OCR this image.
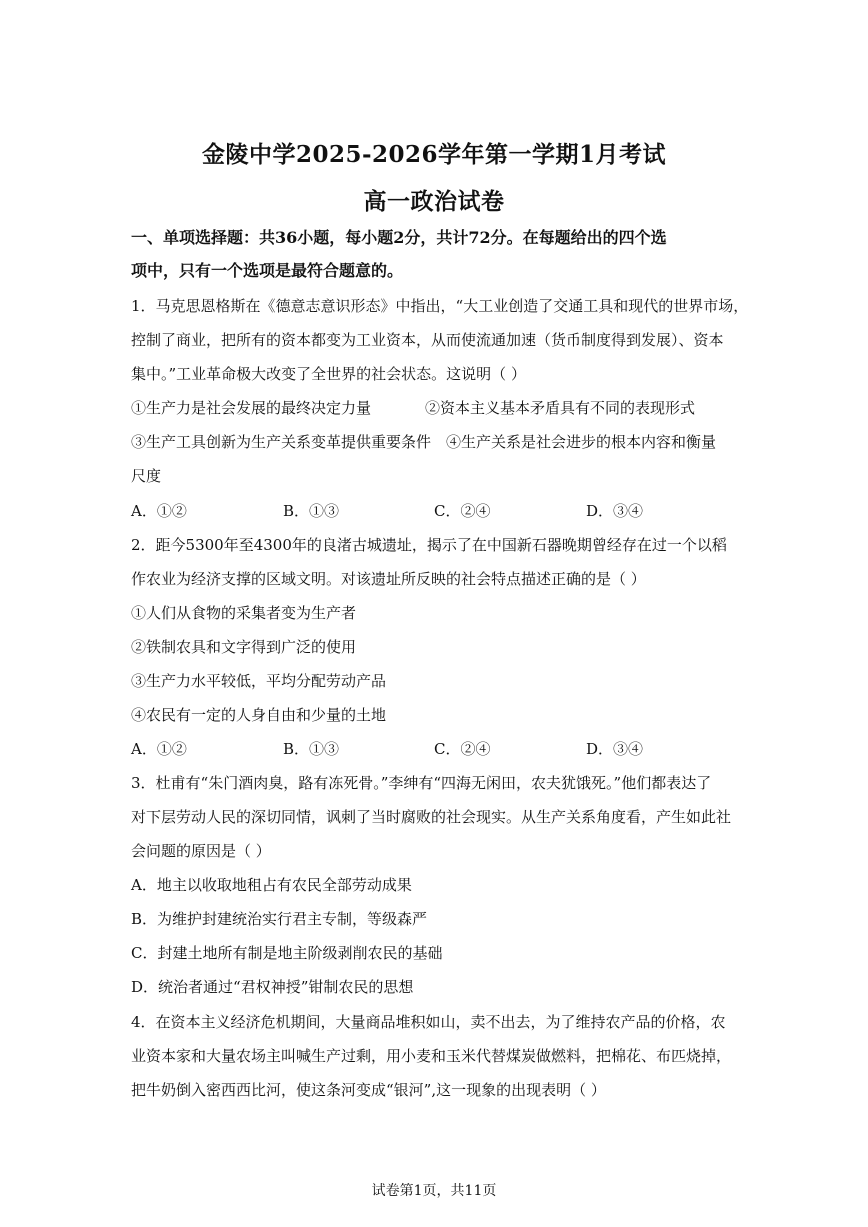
金陵中学2025-2026学年第一学期1月考试
高一政治试卷
一、单项选择题：共36小题，每小题2分，共计72分。在每题给出的四个选
项中，只有一个选项是最符合题意的。
1．马克思恩格斯在《德意志意识形态》中指出，“大工业创造了交通工具和现代的世界市场，
控制了商业，把所有的资本都变为工业资本，从而使流通加速（货币制度得到发展）、资本
集中。”工业革命极大改变了全世界的社会状态。这说明（ ）
①生产力是社会发展的最终决定力量	②资本主义基本矛盾具有不同的表现形式
③生产工具创新为生产关系变革提供重要条件 ④生产关系是社会进步的根本内容和衡量
尺度
A．①②	B．①③	C．②④	D．③④
2．距今5300年至4300年的良渚古城遗址，揭示了在中国新石器晚期曾经存在过一个以稻
作农业为经济支撑的区域文明。对该遗址所反映的社会特点描述正确的是（ ）
①人们从食物的采集者变为生产者
②铁制农具和文字得到广泛的使用
③生产力水平较低，平均分配劳动产品
④农民有一定的人身自由和少量的土地
A．①②	B．①③	C．②④	D．③④
3．杜甫有“朱门酒肉臭，路有冻死骨。”李绅有“四海无闲田，农夫犹饿死。”他们都表达了
对下层劳动人民的深切同情，讽刺了当时腐败的社会现实。从生产关系角度看，产生如此社
会问题的原因是（ ）
A．地主以收取地租占有农民全部劳动成果
B．为维护封建统治实行君主专制，等级森严
C．封建土地所有制是地主阶级剥削农民的基础
D．统治者通过“君权神授”钳制农民的思想
4．在资本主义经济危机期间，大量商品堆积如山，卖不出去，为了维持农产品的价格，农
业资本家和大量农场主叫喊生产过剩，用小麦和玉米代替煤炭做燃料，把棉花、布匹烧掉，
把牛奶倒入密西西比河，使这条河变成“银河”,这一现象的出现表明（ ）
试卷第1页，共11页
